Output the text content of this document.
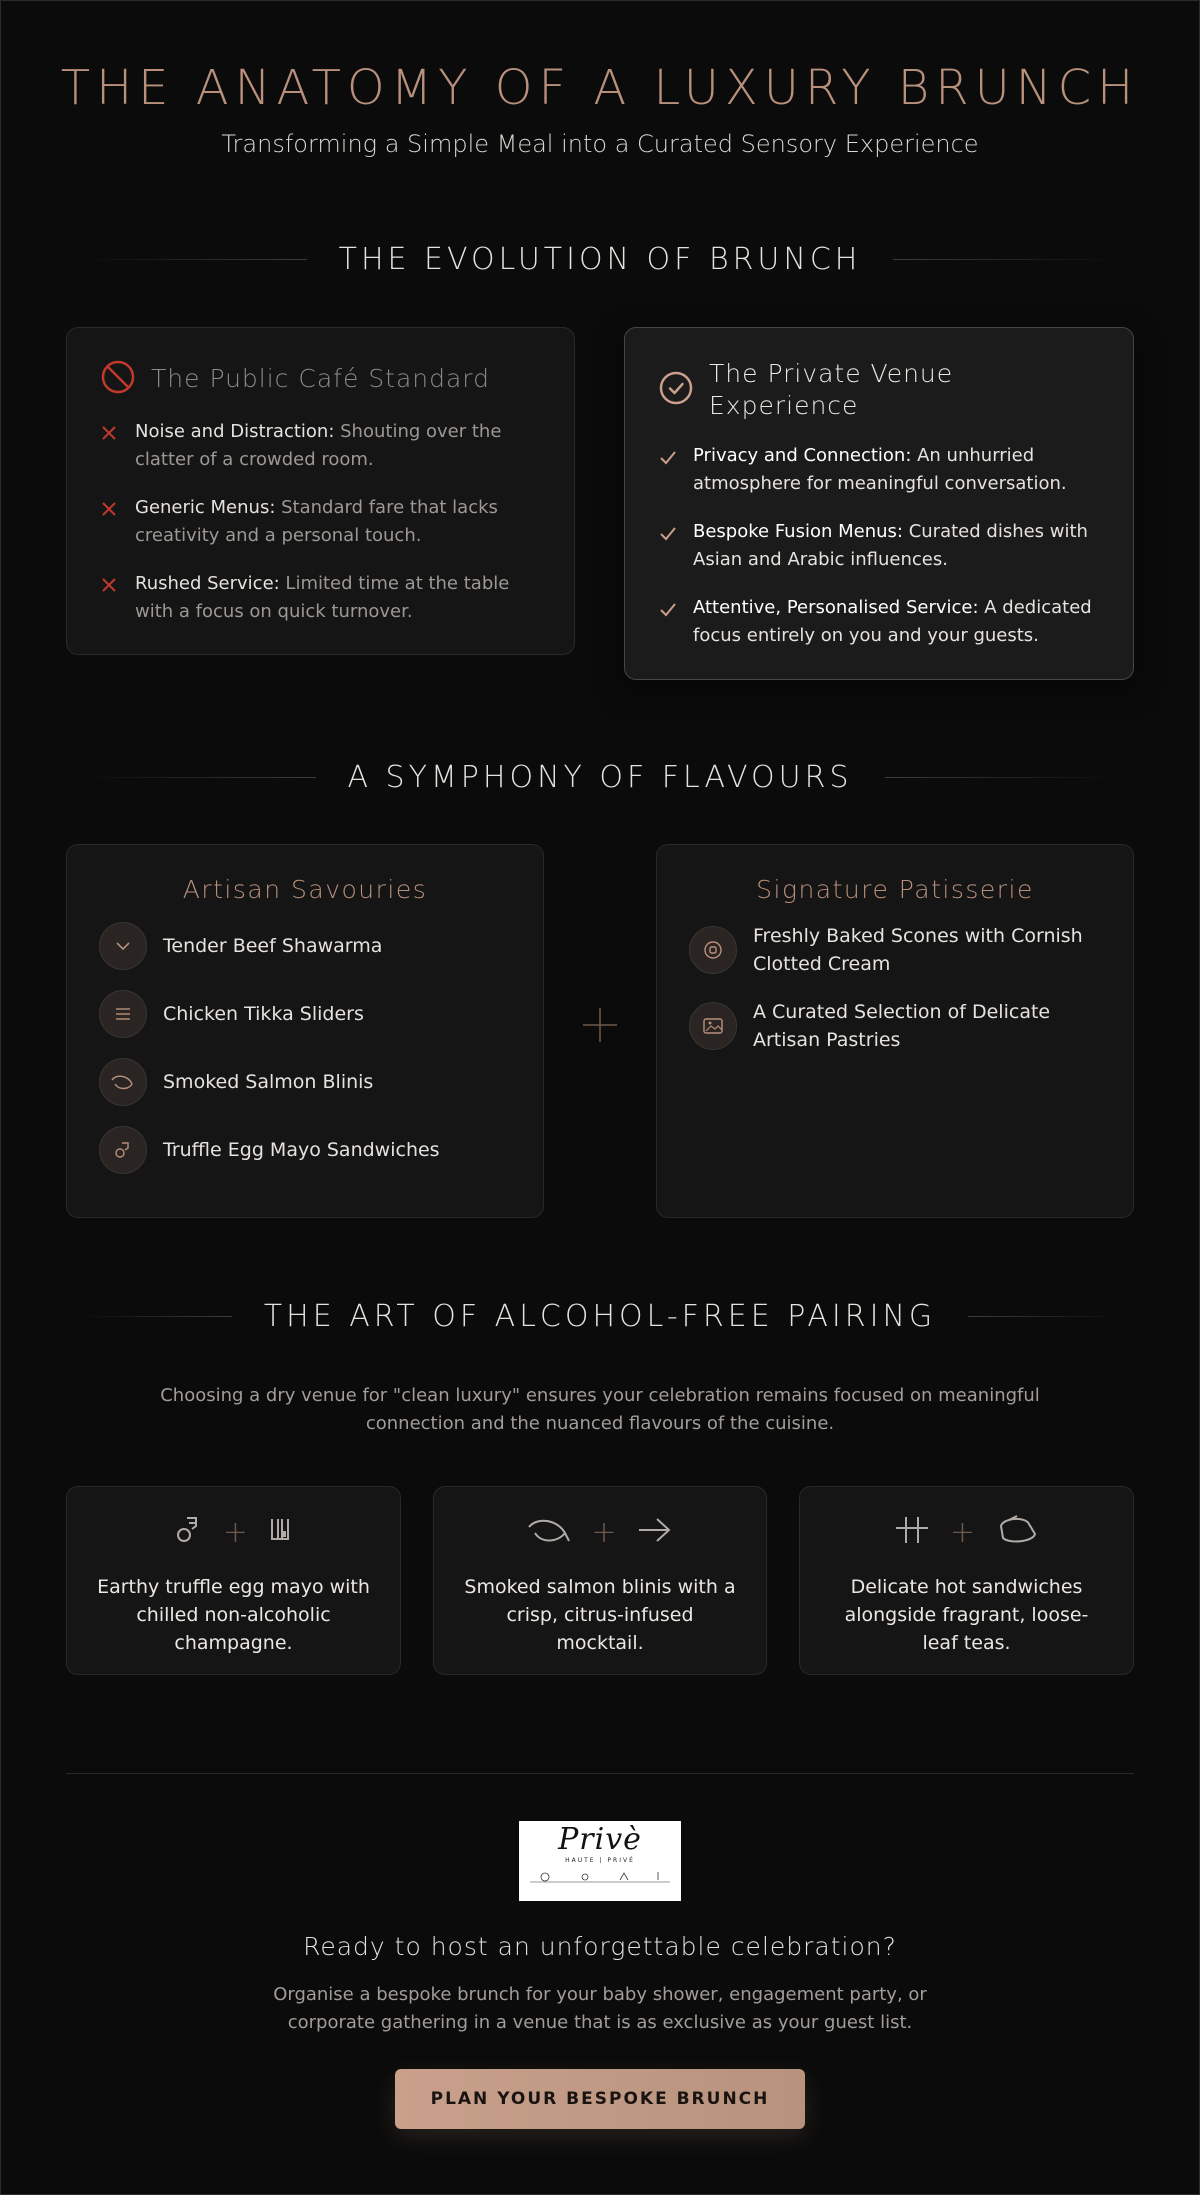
THE ANATOMY OF A LUXURY BRUNCH

Transforming a Simple Meal into a Curated Sensory Experience

THE EVOLUTION OF BRUNCH
The Public Café Standard
Noise and Distraction: Shouting over the clatter of a crowded room.
Generic Menus: Standard fare that lacks creativity and a personal touch.
Rushed Service: Limited time at the table with a focus on quick turnover.
The Private Venue Experience
Privacy and Connection: An unhurried atmosphere for meaningful conversation.
Bespoke Fusion Menus: Curated dishes with Asian and Arabic influences.
Attentive, Personalised Service: A dedicated focus entirely on you and your guests.
A SYMPHONY OF FLAVOURS
Artisan Savouries
Tender Beef Shawarma
Chicken Tikka Sliders
Smoked Salmon Blinis
Truffle Egg Mayo Sandwiches
Signature Patisserie
Freshly Baked Scones with Cornish Clotted Cream
A Curated Selection of Delicate Artisan Pastries
THE ART OF ALCOHOL-FREE PAIRING

Choosing a dry venue for "clean luxury" ensures your celebration remains focused on meaningful connection and the nuanced flavours of the cuisine.

+
Earthy truffle egg mayo with chilled non-alcoholic champagne.
+
Smoked salmon blinis with a crisp, citrus-infused mocktail.
+
Delicate hot sandwiches alongside fragrant, loose-leaf teas.
Privè
HAUTE | PRIVÉ
Ready to host an unforgettable celebration?

Organise a bespoke brunch for your baby shower, engagement party, or corporate gathering in a venue that is as exclusive as your guest list.

PLAN YOUR BESPOKE BRUNCH
